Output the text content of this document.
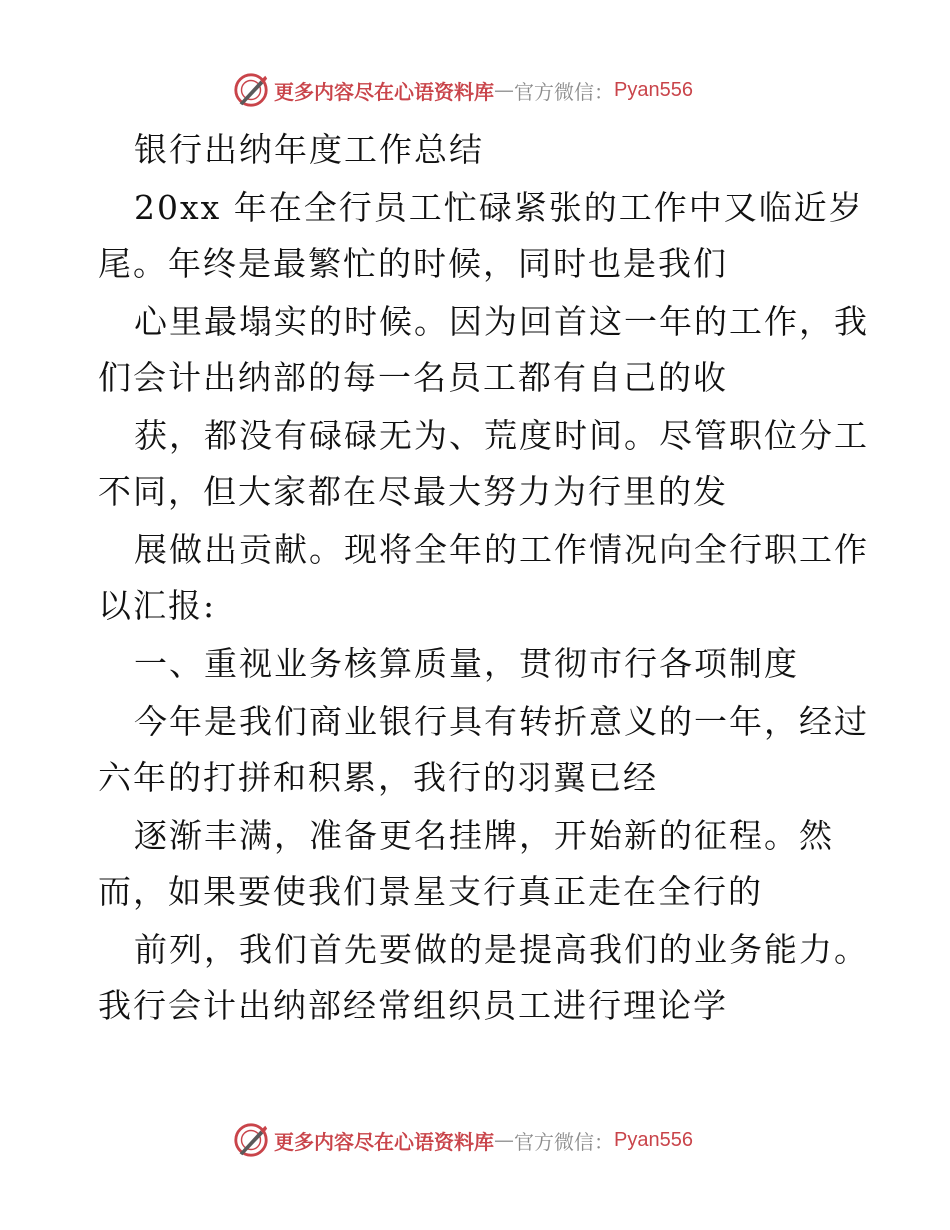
更多内容尽在心语资料库 — 官方微信： Pyan556
银行出纳年度工作总结
20xx 年在全行员工忙碌紧张的工作中又临近岁
尾。年终是最繁忙的时候，同时也是我们
心里最塌实的时候。因为回首这一年的工作，我
们会计出纳部的每一名员工都有自己的收
获，都没有碌碌无为、荒度时间。尽管职位分工
不同，但大家都在尽最大努力为行里的发
展做出贡献。现将全年的工作情况向全行职工作
以汇报:
一、重视业务核算质量，贯彻市行各项制度
今年是我们商业银行具有转折意义的一年，经过
六年的打拼和积累，我行的羽翼已经
逐渐丰满，准备更名挂牌，开始新的征程。然
而，如果要使我们景星支行真正走在全行的
前列，我们首先要做的是提高我们的业务能力。
我行会计出纳部经常组织员工进行理论学
更多内容尽在心语资料库 — 官方微信： Pyan556
